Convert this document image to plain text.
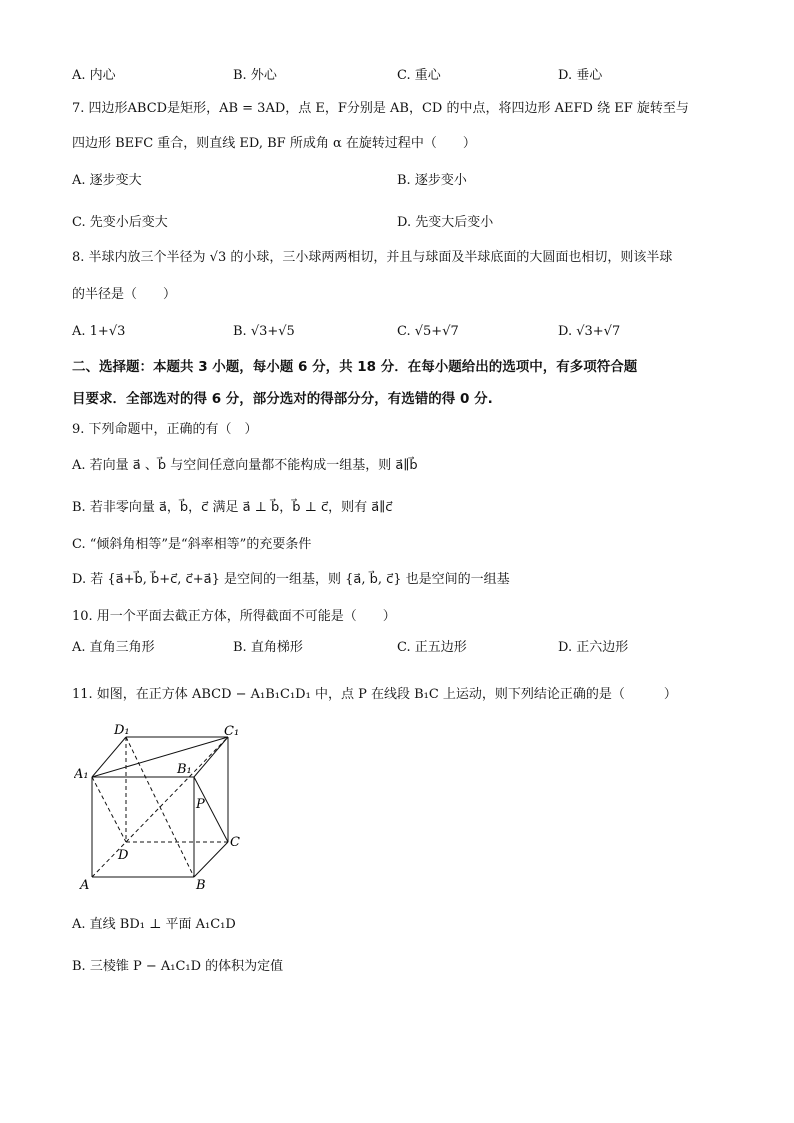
A. 内心	B. 外心	C. 重心	D. 垂心
7. 四边形ABCD是矩形，AB = 3AD，点 E，F分别是 AB，CD 的中点，将四边形 AEFD 绕 EF 旋转至与
四边形 BEFC 重合，则直线 ED, BF 所成角 α 在旋转过程中（　　）
A. 逐步变大	B. 逐步变小
C. 先变小后变大	D. 先变大后变小
8. 半球内放三个半径为 √3 的小球，三小球两两相切，并且与球面及半球底面的大圆面也相切，则该半球
的半径是（　　）
A. 1+√3	B. √3+√5	C. √5+√7	D. √3+√7
二、选择题：本题共 3 小题，每小题 6 分，共 18 分．在每小题给出的选项中，有多项符合题
目要求．全部选对的得 6 分，部分选对的得部分分，有选错的得 0 分.
9. 下列命题中，正确的有（　）
A. 若向量 a⃗ 、b⃗ 与空间任意向量都不能构成一组基，则 a⃗∥b⃗
B. 若非零向量 a⃗，b⃗，c⃗ 满足 a⃗ ⊥ b⃗，b⃗ ⊥ c⃗，则有 a⃗∥c⃗
C. “倾斜角相等”是“斜率相等”的充要条件
D. 若 {a⃗+b⃗, b⃗+c⃗, c⃗+a⃗} 是空间的一组基，则 {a⃗, b⃗, c⃗} 也是空间的一组基
10. 用一个平面去截正方体，所得截面不可能是（　　）
A. 直角三角形	B. 直角梯形	C. 正五边形	D. 正六边形
11. 如图，在正方体 ABCD − A₁B₁C₁D₁ 中，点 P 在线段 B₁C 上运动，则下列结论正确的是（　　　）
D₁	C₁
A₁	B₁
P
C
D
A	B
A. 直线 BD₁ ⊥ 平面 A₁C₁D
B. 三棱锥 P − A₁C₁D 的体积为定值
